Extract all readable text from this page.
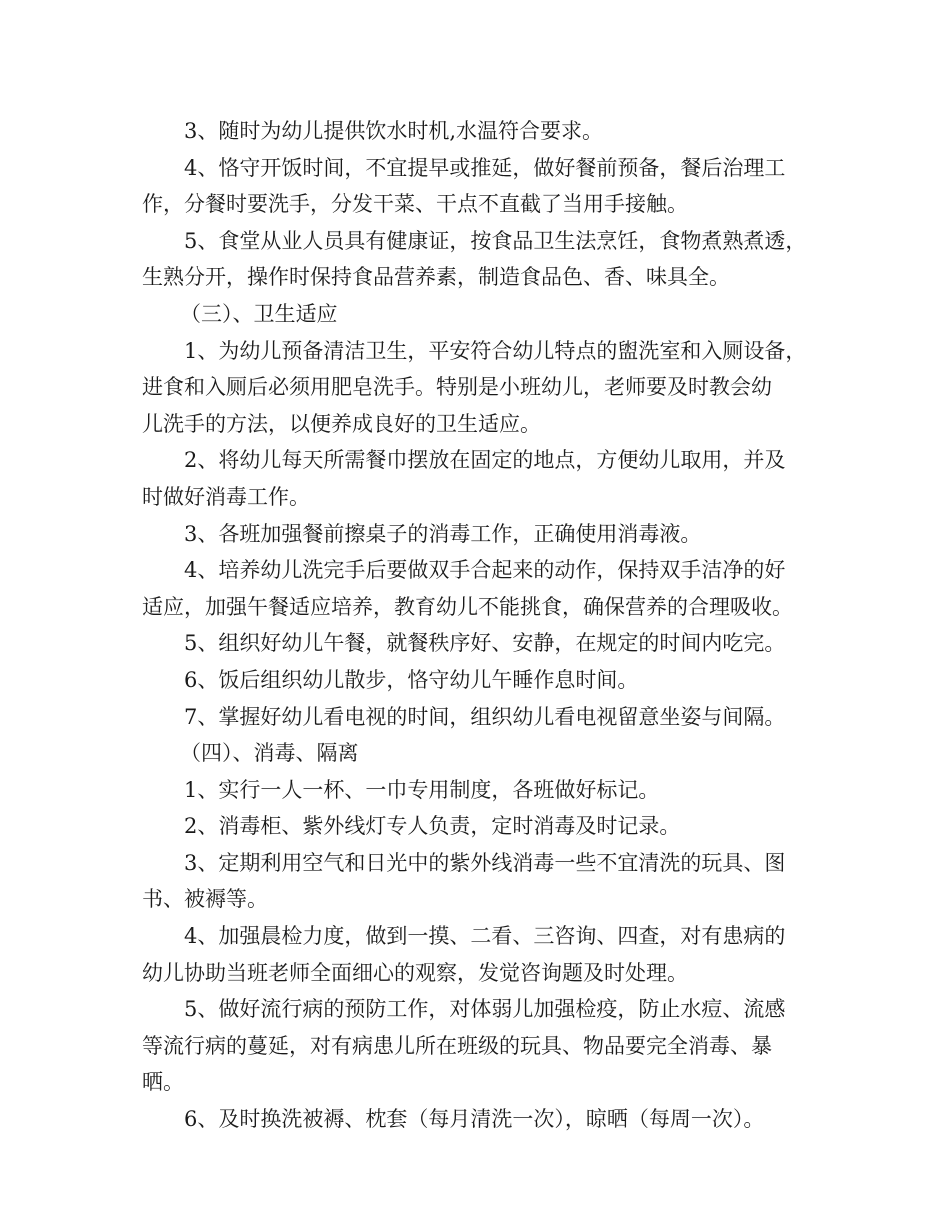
3、随时为幼儿提供饮水时机,水温符合要求。
4、恪守开饭时间，不宜提早或推延，做好餐前预备，餐后治理工
作，分餐时要洗手，分发干菜、干点不直截了当用手接触。
5、食堂从业人员具有健康证，按食品卫生法烹饪，食物煮熟煮透，
生熟分开，操作时保持食品营养素，制造食品色、香、味具全。
（三）、卫生适应
1、为幼儿预备清洁卫生，平安符合幼儿特点的盥洗室和入厕设备，
进食和入厕后必须用肥皂洗手。特别是小班幼儿，老师要及时教会幼
儿洗手的方法，以便养成良好的卫生适应。
2、将幼儿每天所需餐巾摆放在固定的地点，方便幼儿取用，并及
时做好消毒工作。
3、各班加强餐前擦桌子的消毒工作，正确使用消毒液。
4、培养幼儿洗完手后要做双手合起来的动作，保持双手洁净的好
适应，加强午餐适应培养，教育幼儿不能挑食，确保营养的合理吸收。
5、组织好幼儿午餐，就餐秩序好、安静，在规定的时间内吃完。
6、饭后组织幼儿散步，恪守幼儿午睡作息时间。
7、掌握好幼儿看电视的时间，组织幼儿看电视留意坐姿与间隔。
（四）、消毒、隔离
1、实行一人一杯、一巾专用制度，各班做好标记。
2、消毒柜、紫外线灯专人负责，定时消毒及时记录。
3、定期利用空气和日光中的紫外线消毒一些不宜清洗的玩具、图
书、被褥等。
4、加强晨检力度，做到一摸、二看、三咨询、四查，对有患病的
幼儿协助当班老师全面细心的观察，发觉咨询题及时处理。
5、做好流行病的预防工作，对体弱儿加强检疫，防止水痘、流感
等流行病的蔓延，对有病患儿所在班级的玩具、物品要完全消毒、暴
晒。
6、及时换洗被褥、枕套（每月清洗一次），晾晒（每周一次）。
